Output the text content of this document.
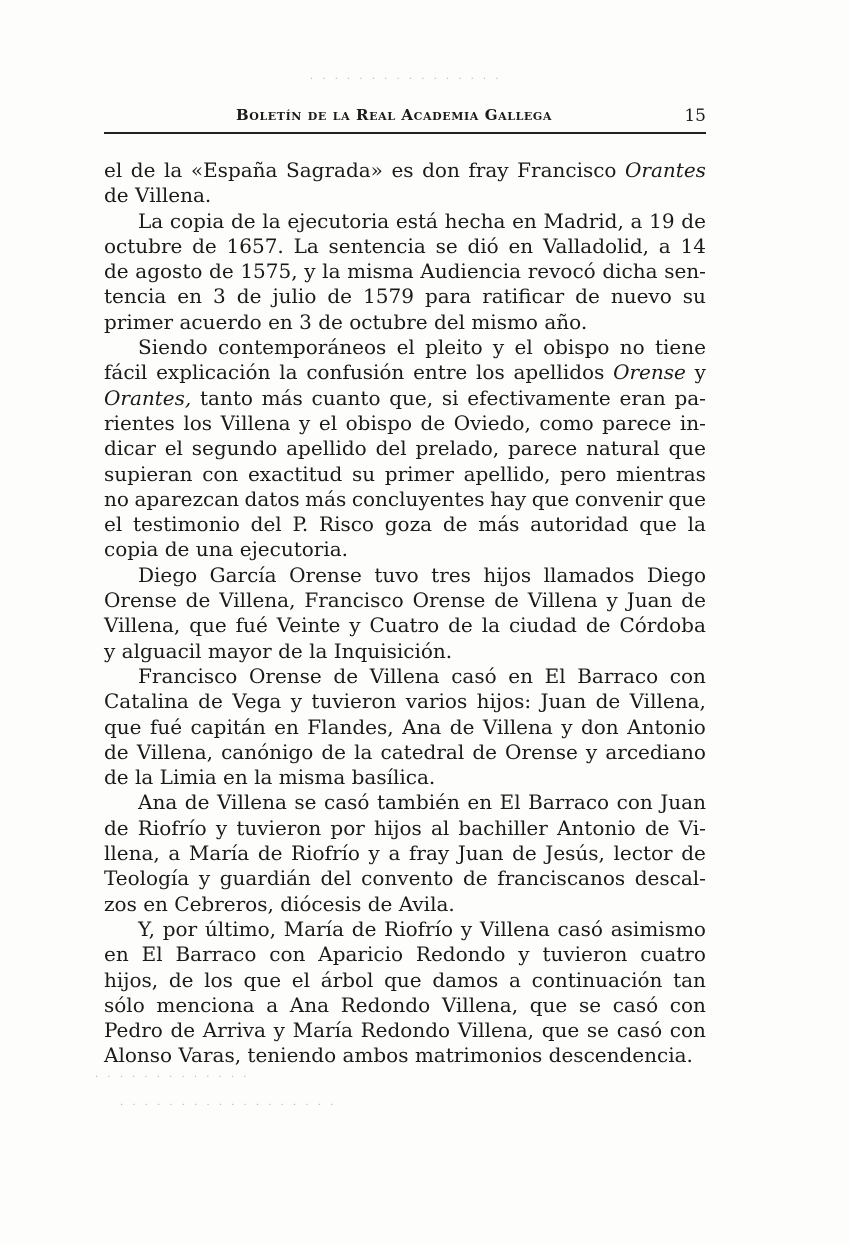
Boletín de la Real Academia Gallega	15
el de la «España Sagrada» es don fray Francisco Orantes
de Villena.
La copia de la ejecutoria está hecha en Madrid, a 19 de
octubre de 1657. La sentencia se dió en Valladolid, a 14
de agosto de 1575, y la misma Audiencia revocó dicha sen-
tencia en 3 de julio de 1579 para ratificar de nuevo su
primer acuerdo en 3 de octubre del mismo año.
Siendo contemporáneos el pleito y el obispo no tiene
fácil explicación la confusión entre los apellidos Orense y
Orantes, tanto más cuanto que, si efectivamente eran pa-
rientes los Villena y el obispo de Oviedo, como parece in-
dicar el segundo apellido del prelado, parece natural que
supieran con exactitud su primer apellido, pero mientras
no aparezcan datos más concluyentes hay que convenir que
el testimonio del P. Risco goza de más autoridad que la
copia de una ejecutoria.
Diego García Orense tuvo tres hijos llamados Diego
Orense de Villena, Francisco Orense de Villena y Juan de
Villena, que fué Veinte y Cuatro de la ciudad de Córdoba
y alguacil mayor de la Inquisición.
Francisco Orense de Villena casó en El Barraco con
Catalina de Vega y tuvieron varios hijos: Juan de Villena,
que fué capitán en Flandes, Ana de Villena y don Antonio
de Villena, canónigo de la catedral de Orense y arcediano
de la Limia en la misma basílica.
Ana de Villena se casó también en El Barraco con Juan
de Riofrío y tuvieron por hijos al bachiller Antonio de Vi-
llena, a María de Riofrío y a fray Juan de Jesús, lector de
Teología y guardián del convento de franciscanos descal-
zos en Cebreros, diócesis de Avila.
Y, por último, María de Riofrío y Villena casó asimismo
en El Barraco con Aparicio Redondo y tuvieron cuatro
hijos, de los que el árbol que damos a continuación tan
sólo menciona a Ana Redondo Villena, que se casó con
Pedro de Arriva y María Redondo Villena, que se casó con
Alonso Varas, teniendo ambos matrimonios descendencia.
· · · · · · · · · · · · · · · ·
· · · · · · · · · · · · ·
· · · · · · · · · · · · · · · · · ·
